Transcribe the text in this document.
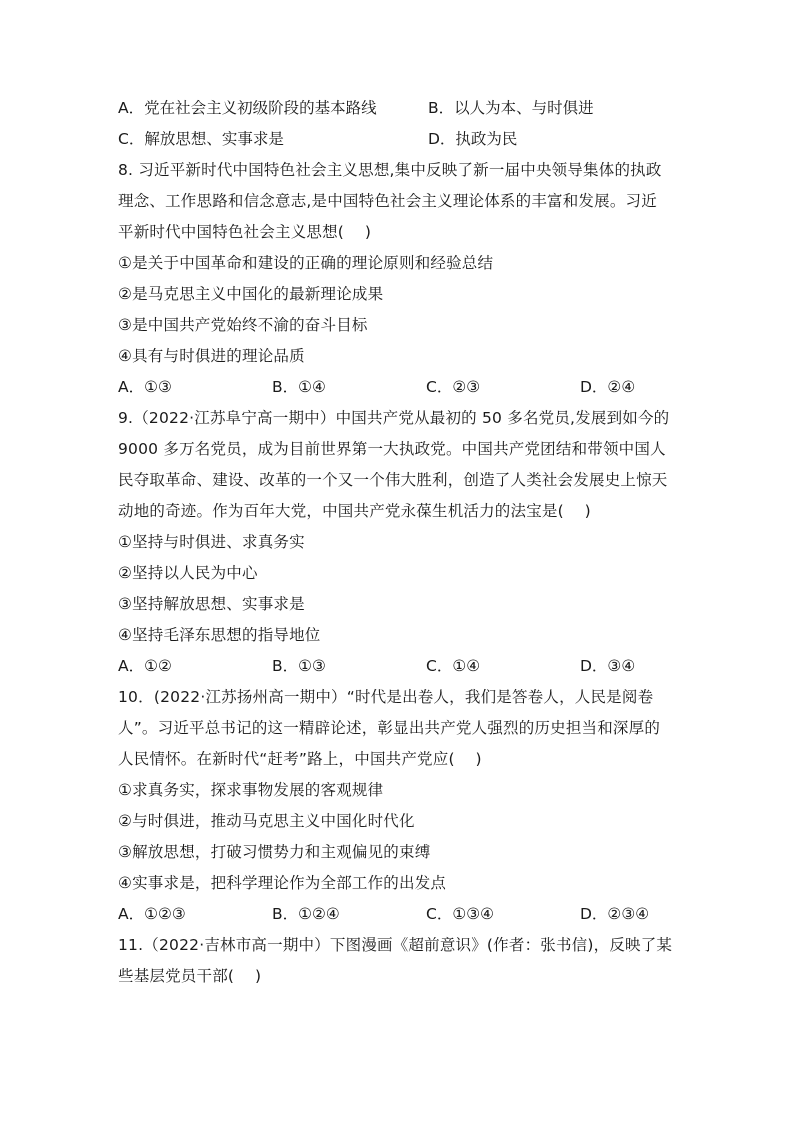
A．党在社会主义初级阶段的基本路线	B．以人为本、与时俱进
C．解放思想、实事求是	D．执政为民
8. 习近平新时代中国特色社会主义思想,集中反映了新一届中央领导集体的执政
理念、工作思路和信念意志,是中国特色社会主义理论体系的丰富和发展。习近
平新时代中国特色社会主义思想(　 )
①是关于中国革命和建设的正确的理论原则和经验总结
②是马克思主义中国化的最新理论成果
③是中国共产党始终不渝的奋斗目标
④具有与时俱进的理论品质
A．①③	B．①④	C．②③	D．②④
9.（2022·江苏阜宁高一期中）中国共产党从最初的 50 多名党员,发展到如今的
9000 多万名党员，成为目前世界第一大执政党。中国共产党团结和带领中国人
民夺取革命、建设、改革的一个又一个伟大胜利，创造了人类社会发展史上惊天
动地的奇迹。作为百年大党，中国共产党永葆生机活力的法宝是(　 )
①坚持与时俱进、求真务实
②坚持以人民为中心
③坚持解放思想、实事求是
④坚持毛泽东思想的指导地位
A．①②	B．①③	C．①④	D．③④
10．(2022·江苏扬州高一期中）“时代是出卷人，我们是答卷人，人民是阅卷
人”。习近平总书记的这一精辟论述，彰显出共产党人强烈的历史担当和深厚的
人民情怀。在新时代“赶考”路上，中国共产党应(　 )
①求真务实，探求事物发展的客观规律
②与时俱进，推动马克思主义中国化时代化
③解放思想，打破习惯势力和主观偏见的束缚
④实事求是，把科学理论作为全部工作的出发点
A．①②③	B．①②④	C．①③④	D．②③④
11.（2022·吉林市高一期中）下图漫画《超前意识》(作者：张书信)，反映了某
些基层党员干部(　 )
